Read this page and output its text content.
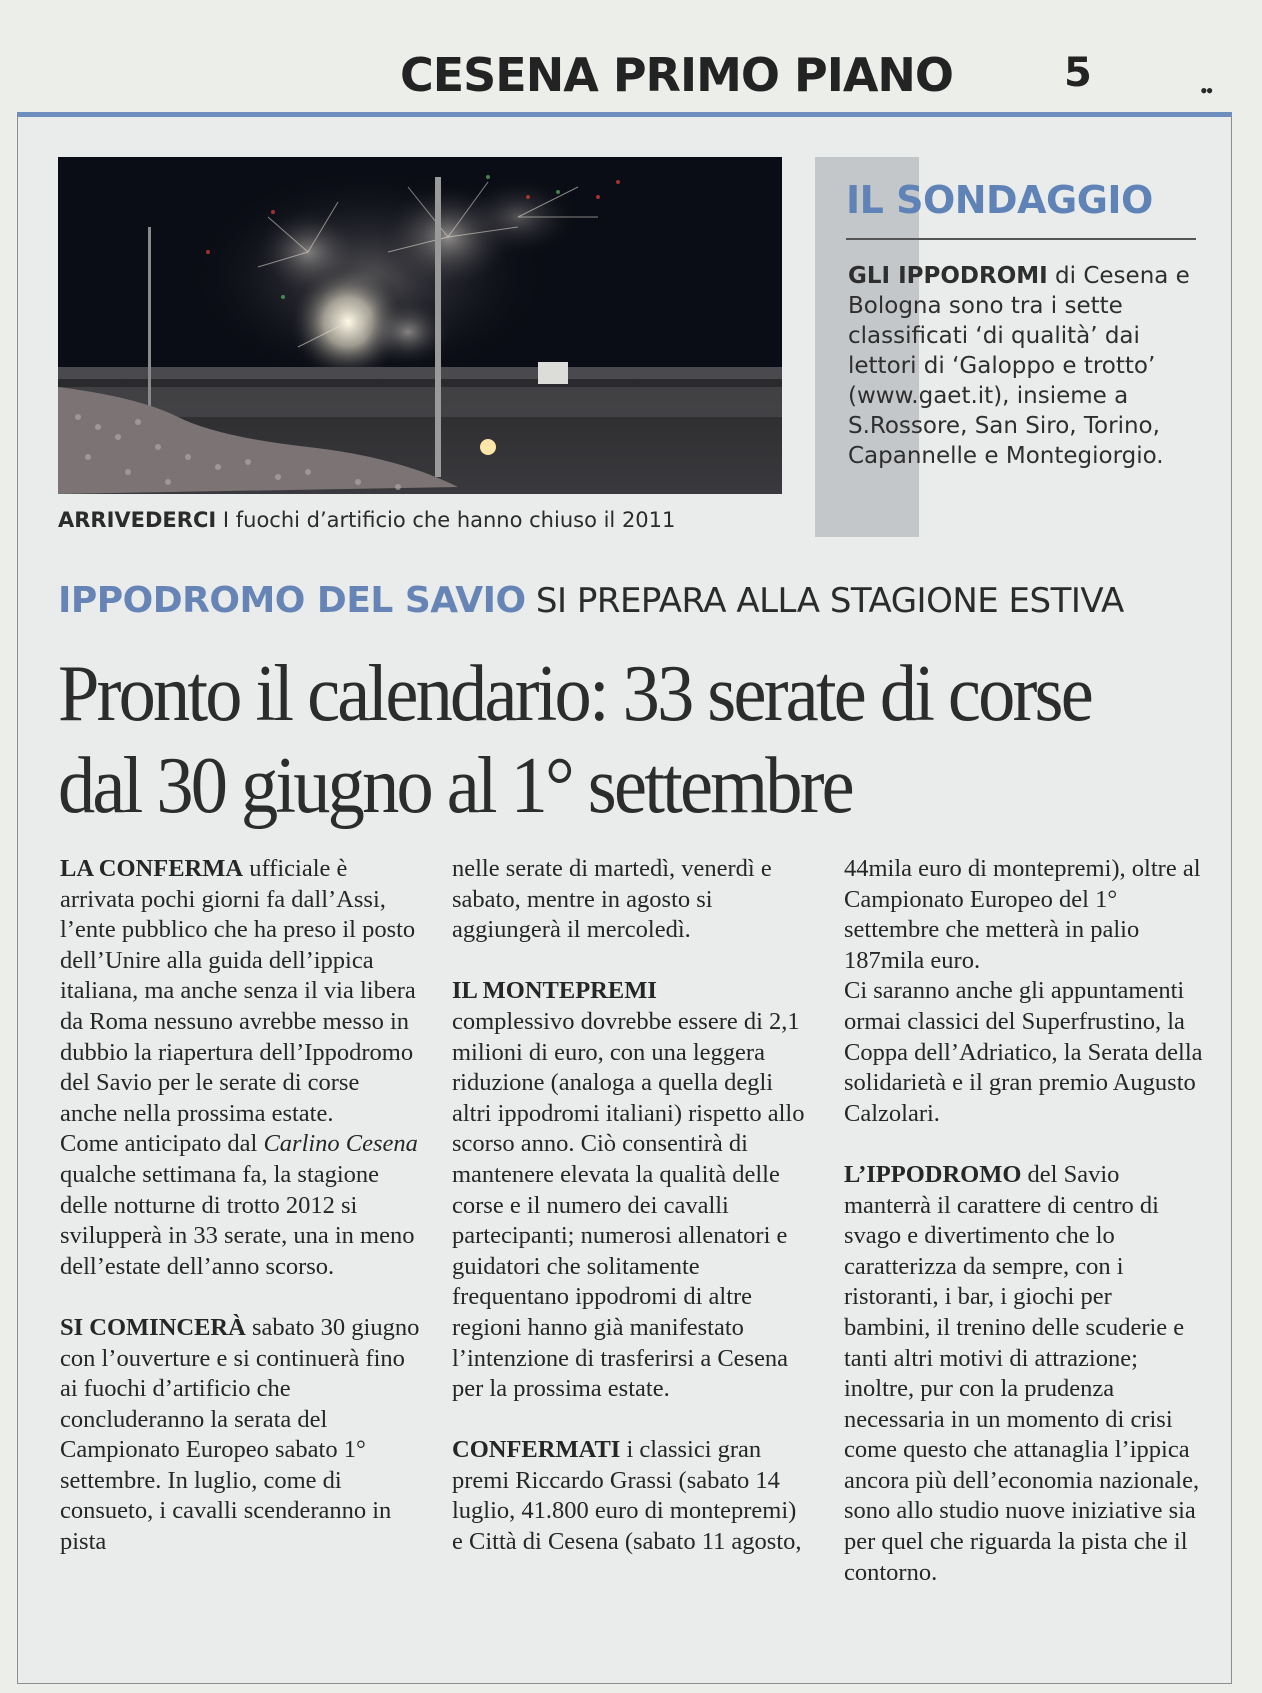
CESENA PRIMO PIANO	5	••
ARRIVEDERCI I fuochi d’artificio che hanno chiuso il 2011
IL SONDAGGIO
GLI IPPODROMI di Cesena e Bologna sono tra i sette classificati ‘di qualità’ dai lettori di ‘Galoppo e trotto’ (www.gaet.it), insieme a S.Rossore, San Siro, Torino, Capannelle e Montegiorgio.
IPPODROMO DEL SAVIO SI PREPARA ALLA STAGIONE ESTIVA
Pronto il calendario: 33 serate di corse
dal 30 giugno al 1° settembre

LA CONFERMA ufficiale è arrivata pochi giorni fa dall’Assi, l’ente pubblico che ha preso il posto dell’Unire alla guida dell’ippica italiana, ma anche senza il via libera da Roma nessuno avrebbe messo in dubbio la riapertura dell’Ippodromo del Savio per le serate di corse anche nella prossima estate.

Come anticipato dal Carlino Cesena qualche settimana fa, la stagione delle notturne di trotto 2012 si svilupperà in 33 serate, una in meno dell’estate dell’anno scorso.

SI COMINCERÀ sabato 30 giugno con l’ouverture e si continuerà fino ai fuochi d’artificio che concluderanno la serata del Campionato Europeo sabato 1° settembre. In luglio, come di consueto, i cavalli scenderanno in pista

nelle serate di martedì, venerdì e sabato, mentre in agosto si aggiungerà il mercoledì.

IL MONTEPREMI
complessivo dovrebbe essere di 2,1 milioni di euro, con una leggera riduzione (analoga a quella degli altri ippodromi italiani) rispetto allo scorso anno. Ciò consentirà di mantenere elevata la qualità delle corse e il numero dei cavalli partecipanti; numerosi allenatori e guidatori che solitamente frequentano ippodromi di altre regioni hanno già manifestato l’intenzione di trasferirsi a Cesena per la prossima estate.

CONFERMATI i classici gran premi Riccardo Grassi (sabato 14 luglio, 41.800 euro di montepremi) e Città di Cesena (sabato 11 agosto,

44mila euro di montepremi), oltre al Campionato Europeo del 1° settembre che metterà in palio 187mila euro.

Ci saranno anche gli appuntamenti ormai classici del Superfrustino, la Coppa dell’Adriatico, la Serata della solidarietà e il gran premio Augusto Calzolari.

L’IPPODROMO del Savio manterrà il carattere di centro di svago e divertimento che lo caratterizza da sempre, con i ristoranti, i bar, i giochi per bambini, il trenino delle scuderie e tanti altri motivi di attrazione; inoltre, pur con la prudenza necessaria in un momento di crisi come questo che attanaglia l’ippica ancora più dell’economia nazionale, sono allo studio nuove iniziative sia per quel che riguarda la pista che il contorno.
